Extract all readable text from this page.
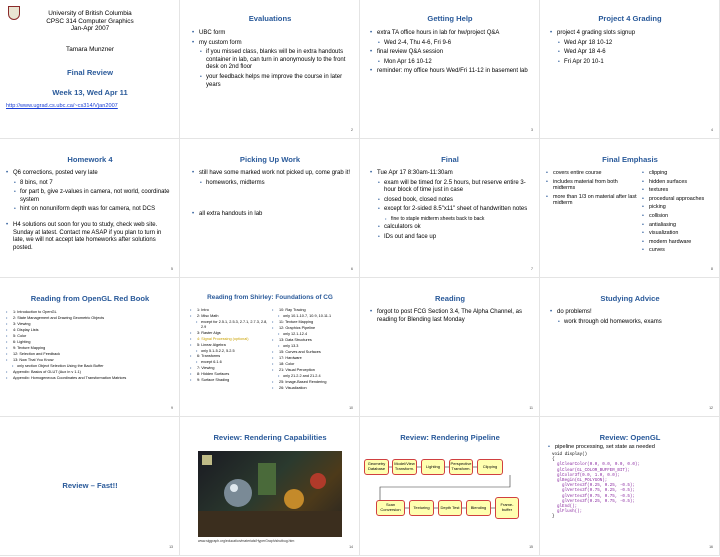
University of British Columbia
CPSC 314 Computer Graphics
Jan-Apr 2007
Tamara Munzner
Final Review
Week 13, Wed Apr 11
http://www.ugrad.cs.ubc.ca/~cs314/Vjan2007
Evaluations
• UBC form
• my custom form
• if you missed class, blanks will be in extra handouts container in lab, can turn in anonymously to the front desk on 2nd floor
• your feedback helps me improve the course in later years
2
Getting Help
• extra TA office hours in lab for hw/project Q&A
• Wed 2-4, Thu 4-6, Fri 9-6
• final review Q&A session
• Mon Apr 16 10-12
• reminder: my office hours Wed/Fri 11-12 in basement lab
3
Project 4 Grading
• project 4 grading slots signup
• Wed Apr 18 10-12
• Wed Apr 18 4-6
• Fri Apr 20 10-1
4
Homework 4
• Q6 corrections, posted very late
• 8 bins, not 7
• for part b, give z-values in camera, not world, coordinate system
• hint on nonuniform depth was for camera, not DCS
• H4 solutions out soon for you to study, check web site. Sunday at latest. Contact me ASAP if you plan to turn in late, we will not accept late homeworks after solutions posted.
5
Picking Up Work
• still have some marked work not picked up, come grab it!
• homeworks, midterms
• all extra handouts in lab
6
Final
• Tue Apr 17 8:30am-11:30am
• exam will be timed for 2.5 hours, but reserve entire 3-hour block of time just in case
• closed book, closed notes
• except for 2-sided 8.5"x11" sheet of handwritten notes
• fine to staple midterm sheets back to back
• calculators ok
• IDs out and face up
7
Final Emphasis
• covers entire course
• includes material from both midterms
• more than 1/3 on material after last midterm
• clipping
• hidden surfaces
• textures
• procedural approaches
• picking
• collision
• antialiasing
• visualization
• modern hardware
• curves
8
Reading from OpenGL Red Book
• 1: Introduction to OpenGL
• 2: State Management and Drawing Geometric Objects
• 3: Viewing
• 4: Display Lists
• 5: Color
• 6: Lighting
• 9: Texture Mapping
• 12: Selection and Feedback
• 13: Now That You Know
• only section Object Selection Using the Back Buffer
• Appendix: Basics of GLUT (Aux in v 1.1)
• Appendix: Homogeneous Coordinates and Transformation Matrices
9
Reading from Shirley: Foundations of CG
• 1: Intro
• 2: Misc Math
• except for 2.5.1, 2.5.3, 2.7.1, 2.7.3, 2.8, 2.9
• 3: Raster Algs
• 4: Signal Processing (optional)
• 5: Linear Algebra
• only 5.1-5.2.2, 5.2.5
• 6: Transforms
• except 6.1.6
• 7: Viewing
• 8: Hidden Surfaces
• 9: Surface Shading
• 10: Ray Tracing
• only 10.1-10.7, 10.9, 10.11.1
• 11: Texture Mapping
• 12: Graphics Pipeline
• only 12.1-12.4
• 13: Data Structures
• only 13.3
• 15: Curves and Surfaces
• 17: Hardware
• 18: Color
• 21: Visual Perception
• only 21.2.2 and 21.2.4
• 25: Image-Based Rendering
• 26: Visualization
10
Reading
• forgot to post FCG Section 3.4, The Alpha Channel, as reading for Blending last Monday
11
Studying Advice
• do problems!
• work through old homeworks, exams
12
Review – Fast!!
13
Review: Rendering Capabilities
www.siggraph.org/education/materials/HyperGraph/shutbug.htm
14
Review: Rendering Pipeline
Geometry Database
Model/View Transform.	Lighting	Perspective Transform.	Clipping
Scan Conversion	Texturing	Depth Test	Blending	Frame-buffer
15
Review: OpenGL
• pipeline processing, set state as needed
void display()
{
glClearColor(0.0, 0.0, 0.0, 0.0);
glClear(GL_COLOR_BUFFER_BIT);
glColor3f(0.0, 1.0, 0.0);
glBegin(GL_POLYGON);
glVertex3f(0.25, 0.25, -0.5);
glVertex3f(0.75, 0.25, -0.5);
glVertex3f(0.75, 0.75, -0.5);
glVertex3f(0.25, 0.75, -0.5);
glEnd();
glFlush();
}
16
